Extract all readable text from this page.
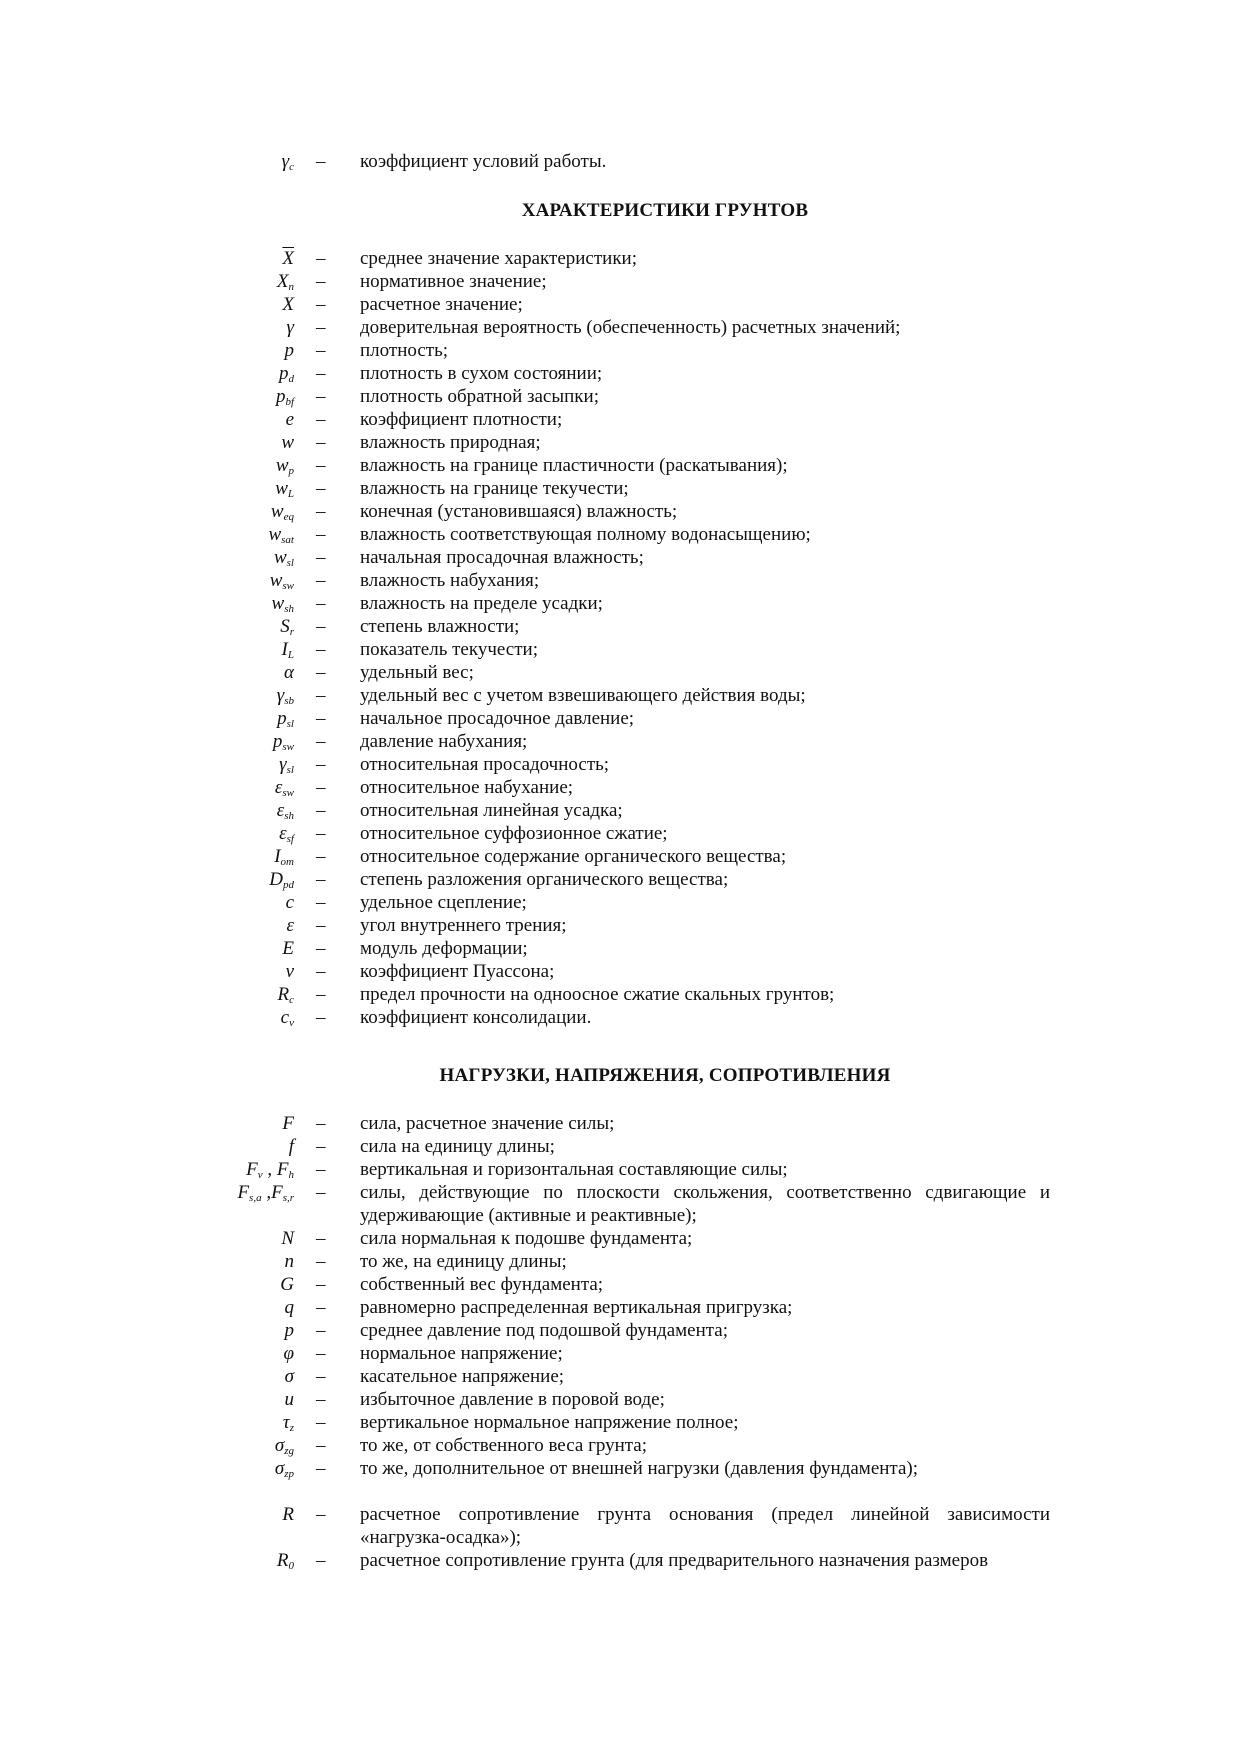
$\gamma_c$ – коэффициент условий работы.
ХАРАКТЕРИСТИКИ ГРУНТОВ
$\overline{X}$ – среднее значение характеристики;
$X_n$ – нормативное значение;
X – расчетное значение;
γ – доверительная вероятность (обеспеченность) расчетных значений;
p – плотность;
$p_d$ – плотность в сухом состоянии;
$p_{bf}$ – плотность обратной засыпки;
e – коэффициент плотности;
w – влажность природная;
$w_p$ – влажность на границе пластичности (раскатывания);
$w_L$ – влажность на границе текучести;
$w_{eq}$ – конечная (установившаяся) влажность;
$w_{sat}$ – влажность соответствующая полному водонасыщению;
$w_{sl}$ – начальная просадочная влажность;
$w_{sw}$ – влажность набухания;
$w_{sh}$ – влажность на пределе усадки;
$S_r$ – степень влажности;
$I_L$ – показатель текучести;
α – удельный вес;
$\gamma_{sb}$ – удельный вес с учетом взвешивающего действия воды;
$p_{sl}$ – начальное просадочное давление;
$p_{sw}$ – давление набухания;
$\gamma_{sl}$ – относительная просадочность;
$\varepsilon_{sw}$ – относительное набухание;
$\varepsilon_{sh}$ – относительная линейная усадка;
$\varepsilon_{sf}$ – относительное суффозионное сжатие;
$I_{om}$ – относительное содержание органического вещества;
$D_{pd}$ – степень разложения органического вещества;
c – удельное сцепление;
ε – угол внутреннего трения;
E – модуль деформации;
v – коэффициент Пуассона;
$R_c$ – предел прочности на одноосное сжатие скальных грунтов;
$c_v$ – коэффициент консолидации.
НАГРУЗКИ, НАПРЯЖЕНИЯ, СОПРОТИВЛЕНИЯ
F – сила, расчетное значение силы;
f – сила на единицу длины;
$F_v$ , $F_h$ – вертикальная и горизонтальная составляющие силы;
$F_{s,a}$ $,F_{s,r}$ – силы, действующие по плоскости скольжения, соответственно сдвигающие и удерживающие (активные и реактивные);
N – сила нормальная к подошве фундамента;
n – то же, на единицу длины;
G – собственный вес фундамента;
q – равномерно распределенная вертикальная пригрузка;
p – среднее давление под подошвой фундамента;
φ – нормальное напряжение;
σ – касательное напряжение;
u – избыточное давление в поровой воде;
$\tau_z$ – вертикальное нормальное напряжение полное;
$\sigma_{zg}$ – то же, от собственного веса грунта;
$\sigma_{zp}$ – то же, дополнительное от внешней нагрузки (давления фундамента);
R – расчетное сопротивление грунта основания (предел линейной зависимости «нагрузка-осадка»);
$R_0$ – расчетное сопротивление грунта (для предварительного назначения размеров
